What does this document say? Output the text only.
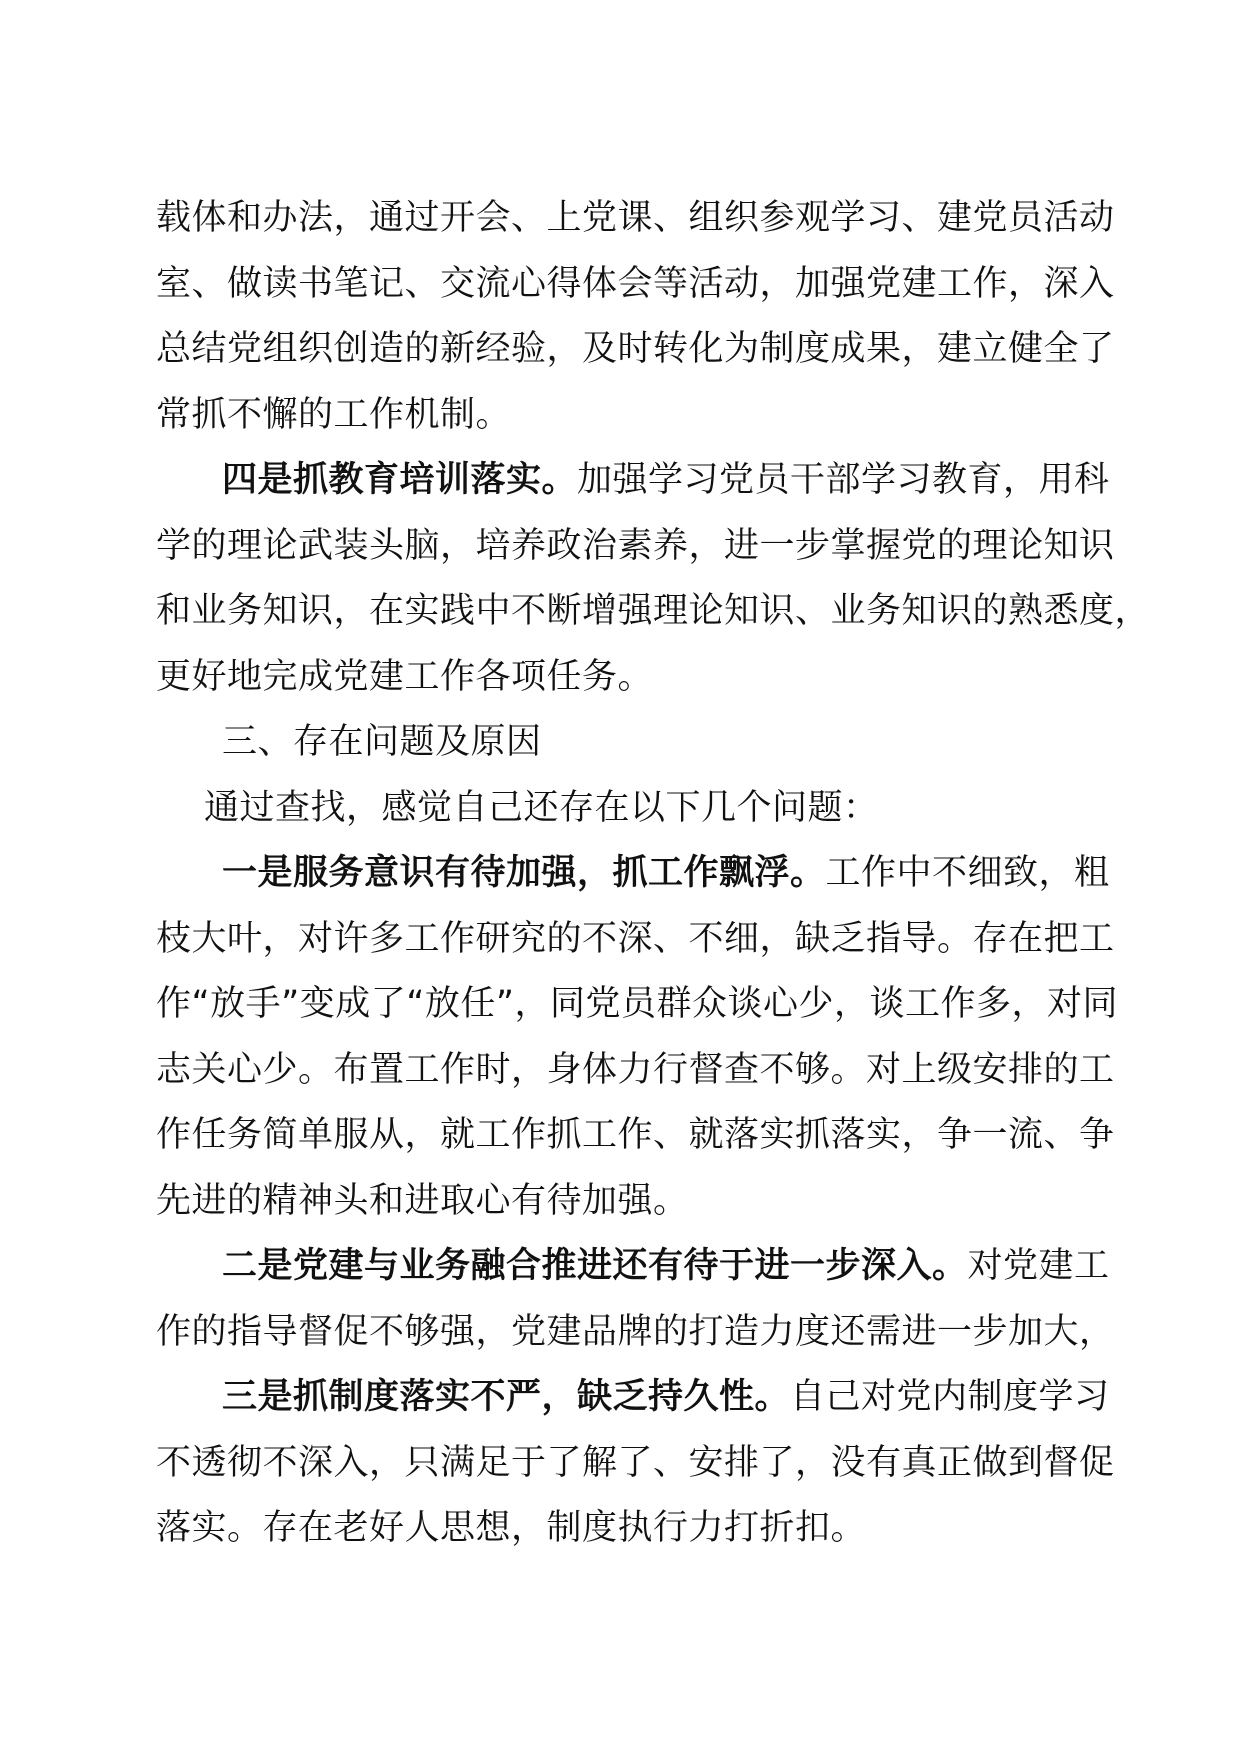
载体和办法，通过开会、上党课、组织参观学习、建党员活动
室、做读书笔记、交流心得体会等活动，加强党建工作，深入
总结党组织创造的新经验，及时转化为制度成果，建立健全了
常抓不懈的工作机制。
四是抓教育培训落实。加强学习党员干部学习教育，用科
学的理论武装头脑，培养政治素养，进一步掌握党的理论知识
和业务知识，在实践中不断增强理论知识、业务知识的熟悉度，
更好地完成党建工作各项任务。
三、存在问题及原因
通过查找，感觉自己还存在以下几个问题：
一是服务意识有待加强，抓工作飘浮。工作中不细致，粗
枝大叶，对许多工作研究的不深、不细，缺乏指导。存在把工
作“放手”变成了“放任”，同党员群众谈心少，谈工作多，对同
志关心少。布置工作时，身体力行督查不够。对上级安排的工
作任务简单服从，就工作抓工作、就落实抓落实，争一流、争
先进的精神头和进取心有待加强。
二是党建与业务融合推进还有待于进一步深入。对党建工
作的指导督促不够强，党建品牌的打造力度还需进一步加大，
三是抓制度落实不严，缺乏持久性。自己对党内制度学习
不透彻不深入，只满足于了解了、安排了，没有真正做到督促
落实。存在老好人思想，制度执行力打折扣。
